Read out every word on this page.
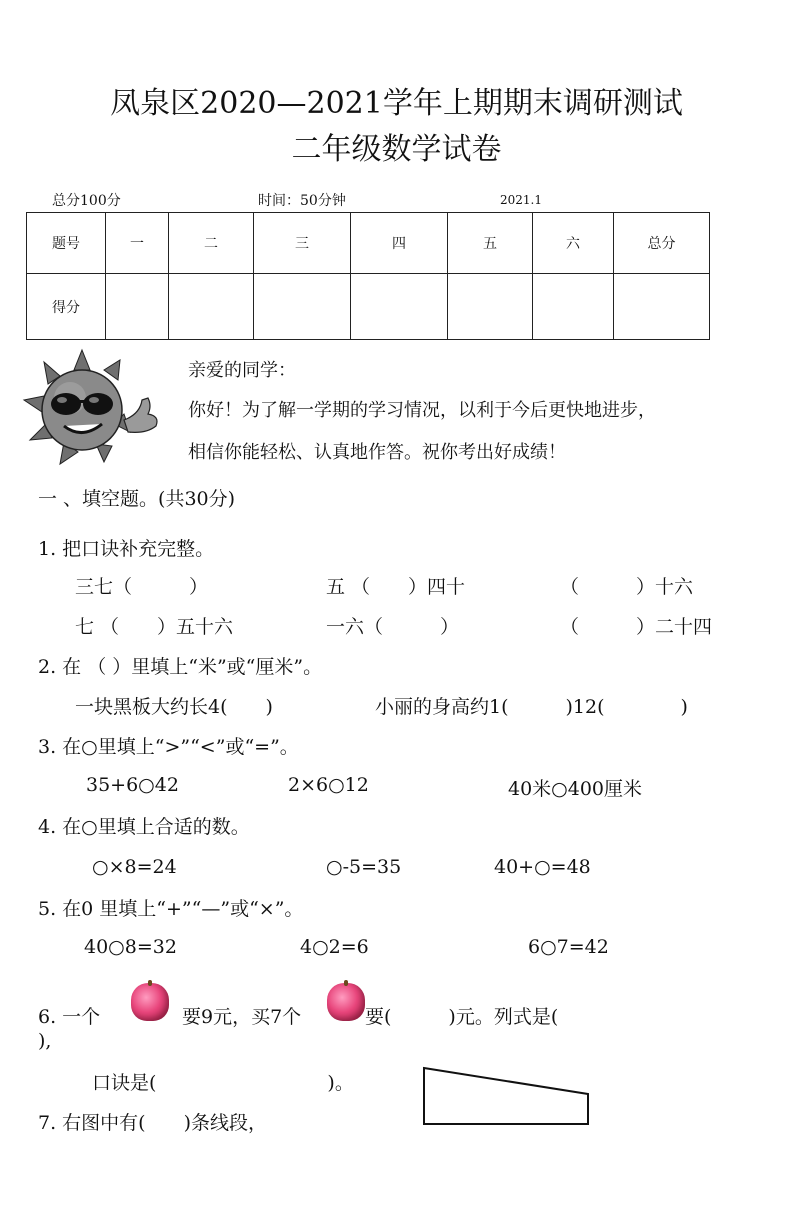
凤泉区2020—2021学年上期期末调研测试
二年级数学试卷
总分100分	时间：50分钟	2021.1
题号	一	二	三	四	五	六	总分
得分							
亲爱的同学：
你好！为了解一学期的学习情况，以利于今后更快地进步，
相信你能轻松、认真地作答。祝你考出好成绩！
一 、填空题。(共30分)
1. 把口诀补充完整。
三七（　　　）	五 （　　）四十	（　　　）十六
七 （　　）五十六	一六（　　　）	（　　　）二十四
2. 在 （ ）里填上“米”或“厘米”。
一块黑板大约长4(　　)	小丽的身高约1(　　　)12(　　　　)
3. 在○里填上“>”“<”或“=”。
35+6○42	2×6○12	40米○400厘米
4. 在○里填上合适的数。
○×8=24	○-5=35	40+○=48
5. 在0 里填上“+”“—”或“×”。
40○8=32	4○2=6	6○7=42
6. 一个	要9元，买7个	要(　　　)元。列式是(
),
口诀是(　　　　　　　　　)。
7. 右图中有(　　)条线段，
